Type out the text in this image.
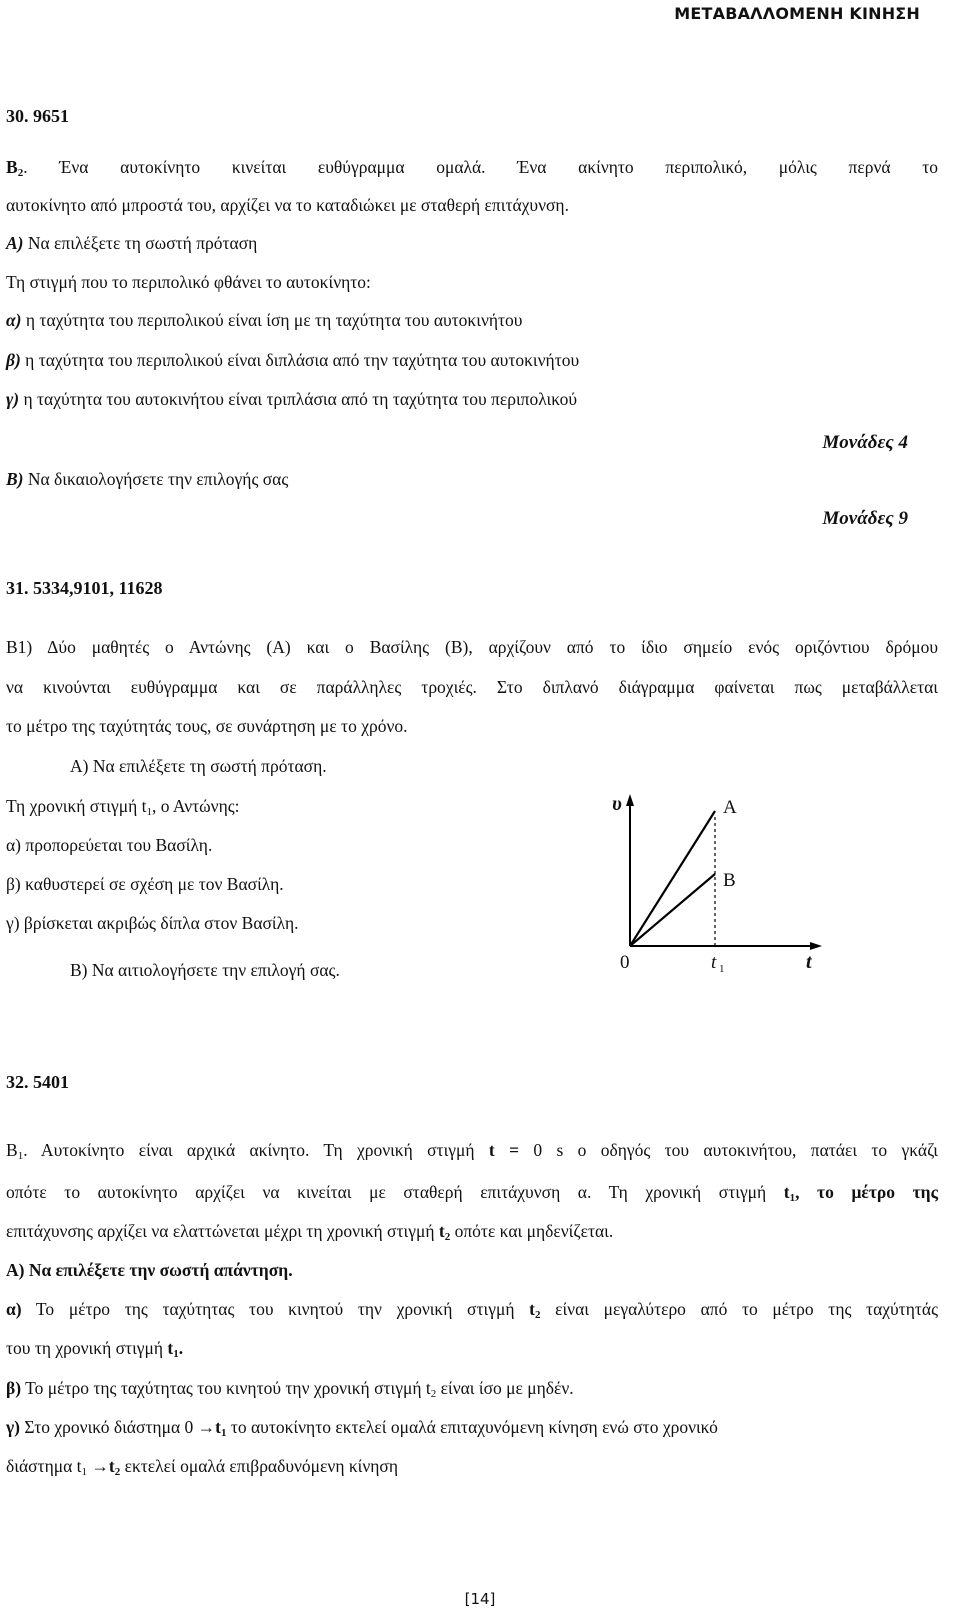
ΜΕΤΑΒΑΛΛΟΜΕΝΗ ΚΙΝΗΣΗ
30. 9651
$B_2$. Ένα αυτοκίνητο κινείται ευθύγραμμα ομαλά. Ένα ακίνητο περιπολικό, μόλις περνά το
αυτοκίνητο από μπροστά του, αρχίζει να το καταδιώκει με σταθερή επιτάχυνση.
Α) Να επιλέξετε τη σωστή πρόταση
Τη στιγμή που το περιπολικό φθάνει το αυτοκίνητο:
α) η ταχύτητα του περιπολικού είναι ίση με τη ταχύτητα του αυτοκινήτου
β) η ταχύτητα του περιπολικού είναι διπλάσια από την ταχύτητα του αυτοκινήτου
γ) η ταχύτητα του αυτοκινήτου είναι τριπλάσια από τη ταχύτητα του περιπολικού
Μονάδες 4
Β) Να δικαιολογήσετε την επιλογής σας
Μονάδες 9
31. 5334,9101, 11628
Β1) Δύο μαθητές ο Αντώνης (Α) και ο Βασίλης (Β), αρχίζουν από το ίδιο σημείο ενός οριζόντιου δρόμου
να κινούνται ευθύγραμμα και σε παράλληλες τροχιές. Στο διπλανό διάγραμμα φαίνεται πως μεταβάλλεται
το μέτρο της ταχύτητάς τους, σε συνάρτηση με το χρόνο.
Α) Να επιλέξετε τη σωστή πρόταση.
Τη χρονική στιγμή $t_1$, ο Αντώνης:
α) προπορεύεται του Βασίλη.
β) καθυστερεί σε σχέση με τον Βασίλη.
γ) βρίσκεται ακριβώς δίπλα στον Βασίλη.
Β) Να αιτιολογήσετε την επιλογή σας.
Α
Β
υ
t
0	t 1
32. 5401
$B_1$. Αυτοκίνητο είναι αρχικά ακίνητο. Τη χρονική στιγμή t = 0 s ο οδηγός του αυτοκινήτου, πατάει το γκάζι
οπότε το αυτοκίνητο αρχίζει να κινείται με σταθερή επιτάχυνση α. Τη χρονική στιγμή $t_1$, το μέτρο της
επιτάχυνσης αρχίζει να ελαττώνεται μέχρι τη χρονική στιγμή $t_2$ οπότε και μηδενίζεται.
Α) Να επιλέξετε την σωστή απάντηση.
α) Το μέτρο της ταχύτητας του κινητού την χρονική στιγμή $t_2$ είναι μεγαλύτερο από το μέτρο της ταχύτητάς
του τη χρονική στιγμή $t_1$.
β) Το μέτρο της ταχύτητας του κινητού την χρονική στιγμή $t_2$ είναι ίσο με μηδέν.
γ) Στο χρονικό διάστημα $0 \to t_1$ το αυτοκίνητο εκτελεί ομαλά επιταχυνόμενη κίνηση ενώ στο χρονικό
διάστημα $t_1 \to t_2$ εκτελεί ομαλά επιβραδυνόμενη κίνηση
[14]
